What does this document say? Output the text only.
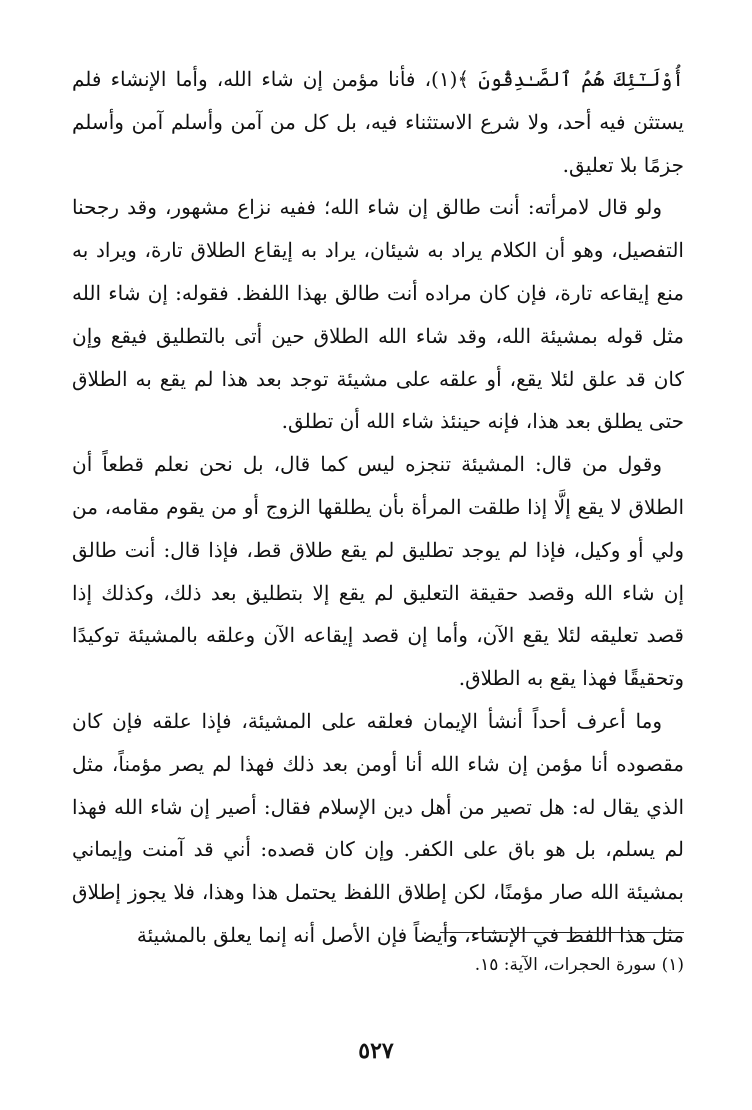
أُوْلَـٰٓئِكَ هُمُ ٱلصَّـٰدِقُونَ ﴾(١)، فأنا مؤمن إن شاء الله، وأما الإنشاء فلم يستثن فيه أحد، ولا شرع الاستثناء فيه، بل كل من آمن وأسلم آمن وأسلم جزمًا بلا تعليق.

ولو قال لامرأته: أنت طالق إن شاء الله؛ ففيه نزاع مشهور، وقد رجحنا التفصيل، وهو أن الكلام يراد به شيئان، يراد به إيقاع الطلاق تارة، ويراد به منع إيقاعه تارة، فإن كان مراده أنت طالق بهذا اللفظ. فقوله: إن شاء الله مثل قوله بمشيئة الله، وقد شاء الله الطلاق حين أتى بالتطليق فيقع وإن كان قد علق لئلا يقع، أو علقه على مشيئة توجد بعد هذا لم يقع به الطلاق حتى يطلق بعد هذا، فإنه حينئذ شاء الله أن تطلق.

وقول من قال: المشيئة تنجزه ليس كما قال، بل نحن نعلم قطعاً أن الطلاق لا يقع إلَّا إذا طلقت المرأة بأن يطلقها الزوج أو من يقوم مقامه، من ولي أو وكيل، فإذا لم يوجد تطليق لم يقع طلاق قط، فإذا قال: أنت طالق إن شاء الله وقصد حقيقة التعليق لم يقع إلا بتطليق بعد ذلك، وكذلك إذا قصد تعليقه لئلا يقع الآن، وأما إن قصد إيقاعه الآن وعلقه بالمشيئة توكيدًا وتحقيقًا فهذا يقع به الطلاق.

وما أعرف أحداً أنشأ الإيمان فعلقه على المشيئة، فإذا علقه فإن كان مقصوده أنا مؤمن إن شاء الله أنا أومن بعد ذلك فهذا لم يصر مؤمناً، مثل الذي يقال له: هل تصير من أهل دين الإسلام فقال: أصير إن شاء الله فهذا لم يسلم، بل هو باق على الكفر. وإن كان قصده: أني قد آمنت وإيماني بمشيئة الله صار مؤمنًا، لكن إطلاق اللفظ يحتمل هذا وهذا، فلا يجوز إطلاق مثل هذا اللفظ في الإنشاء، وأيضاً فإن الأصل أنه إنما يعلق بالمشيئة

(١) سورة الحجرات، الآية: ١٥.
٥٢٧
